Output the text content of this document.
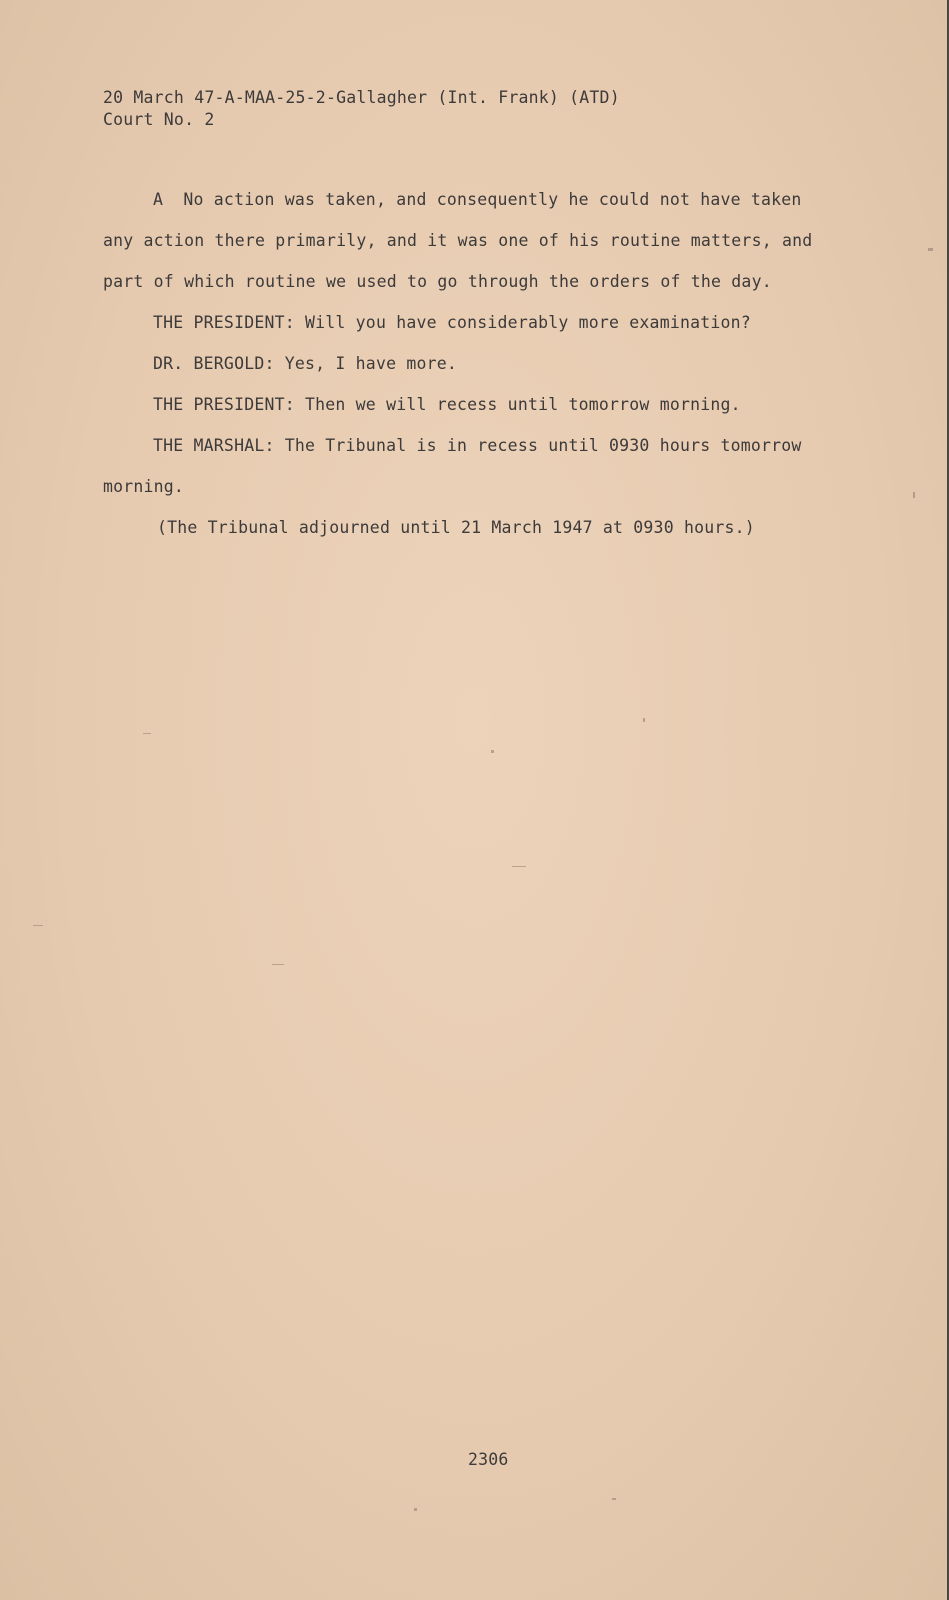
20 March 47-A-MAA-25-2-Gallagher (Int. Frank) (ATD)
Court No. 2
A  No action was taken, and consequently he could not have taken
any action there primarily, and it was one of his routine matters, and
part of which routine we used to go through the orders of the day.
THE PRESIDENT: Will you have considerably more examination?
DR. BERGOLD: Yes, I have more.
THE PRESIDENT: Then we will recess until tomorrow morning.
THE MARSHAL: The Tribunal is in recess until 0930 hours tomorrow
morning.
(The Tribunal adjourned until 21 March 1947 at 0930 hours.)
2306
